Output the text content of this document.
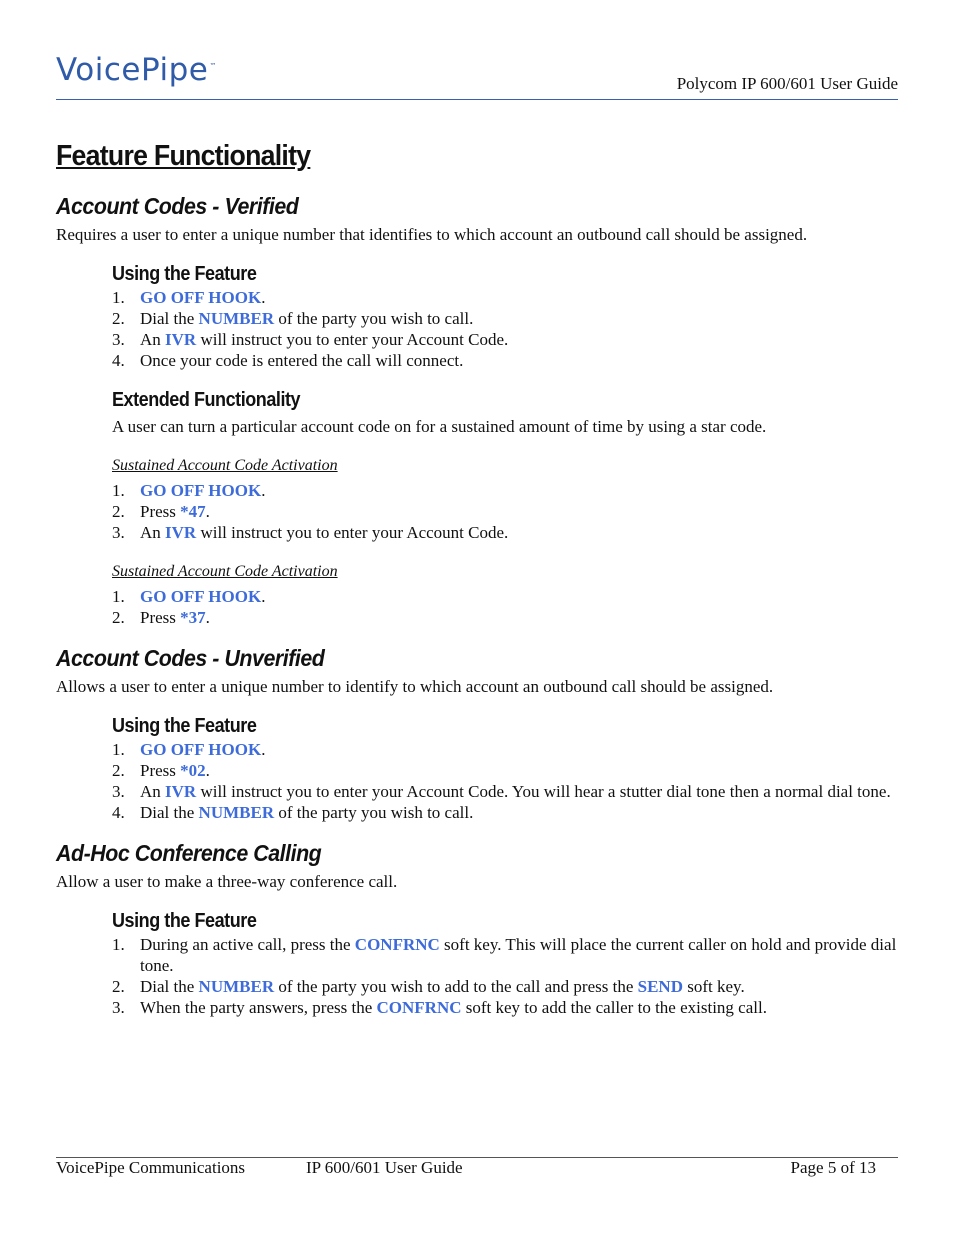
VoicePipe™
Polycom IP 600/601 User Guide
Feature Functionality
Account Codes - Verified

Requires a user to enter a unique number that identifies to which account an outbound call should be assigned.

Using the Feature
1. GO OFF HOOK.
2. Dial the NUMBER of the party you wish to call.
3. An IVR will instruct you to enter your Account Code.
4. Once your code is entered the call will connect.
Extended Functionality

A user can turn a particular account code on for a sustained amount of time by using a star code.

Sustained Account Code Activation
1. GO OFF HOOK.
2. Press *47.
3. An IVR will instruct you to enter your Account Code.
Sustained Account Code Activation
1. GO OFF HOOK.
2. Press *37.
Account Codes - Unverified

Allows a user to enter a unique number to identify to which account an outbound call should be assigned.

Using the Feature
1. GO OFF HOOK.
2. Press *02.
3. An IVR will instruct you to enter your Account Code. You will hear a stutter dial tone then a normal dial tone.
4. Dial the NUMBER of the party you wish to call.
Ad-Hoc Conference Calling

Allow a user to make a three-way conference call.

Using the Feature
1. During an active call, press the CONFRNC soft key. This will place the current caller on hold and provide dial tone.
2. Dial the NUMBER of the party you wish to add to the call and press the SEND soft key.
3. When the party answers, press the CONFRNC soft key to add the caller to the existing call.
VoicePipe Communications	IP 600/601 User Guide	Page 5 of 13
